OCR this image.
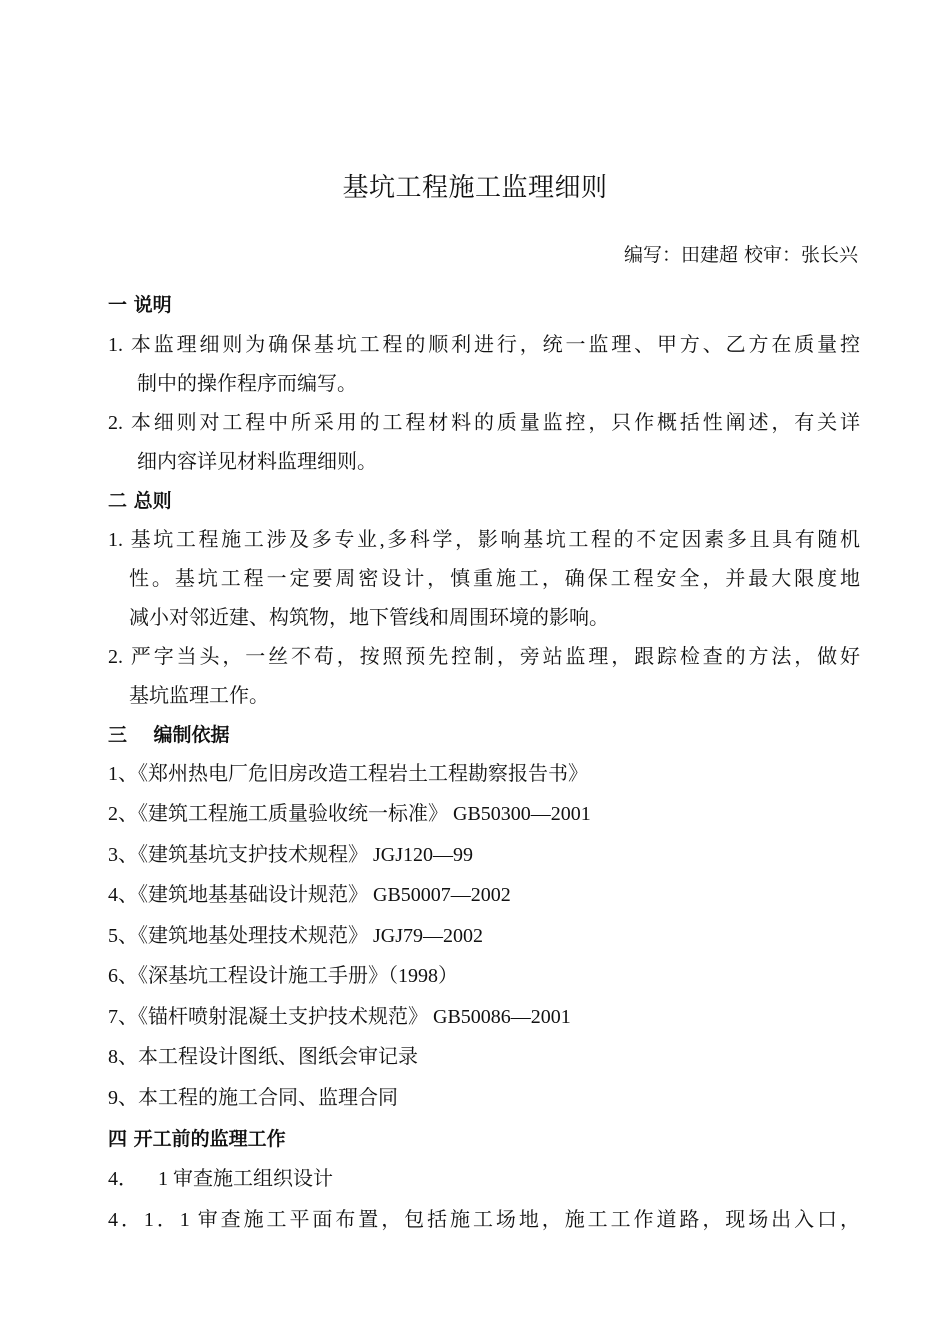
基坑工程施工监理细则
编写：田建超 校审：张长兴
一 说明
1. 本监理细则为确保基坑工程的顺利进行，统一监理、甲方、乙方在质量控
制中的操作程序而编写。
2. 本细则对工程中所采用的工程材料的质量监控，只作概括性阐述，有关详
细内容详见材料监理细则。
二 总则
1. 基坑工程施工涉及多专业,多科学，影响基坑工程的不定因素多且具有随机
性。基坑工程一定要周密设计，慎重施工，确保工程安全，并最大限度地
减小对邻近建、构筑物，地下管线和周围环境的影响。
2. 严字当头，一丝不苟，按照预先控制，旁站监理，跟踪检查的方法，做好
基坑监理工作。
三    编制依据
1、《郑州热电厂危旧房改造工程岩土工程勘察报告书》
2、《建筑工程施工质量验收统一标准》 GB50300—2001
3、《建筑基坑支护技术规程》 JGJ120—99
4、《建筑地基基础设计规范》 GB50007—2002
5、《建筑地基处理技术规范》 JGJ79—2002
6、《深基坑工程设计施工手册》（1998）
7、《锚杆喷射混凝土支护技术规范》 GB50086—2001
8、本工程设计图纸、图纸会审记录
9、本工程的施工合同、监理合同
四 开工前的监理工作
4．    1 审查施工组织设计
4．1．1 审查施工平面布置，包括施工场地，施工工作道路，现场出入口，
